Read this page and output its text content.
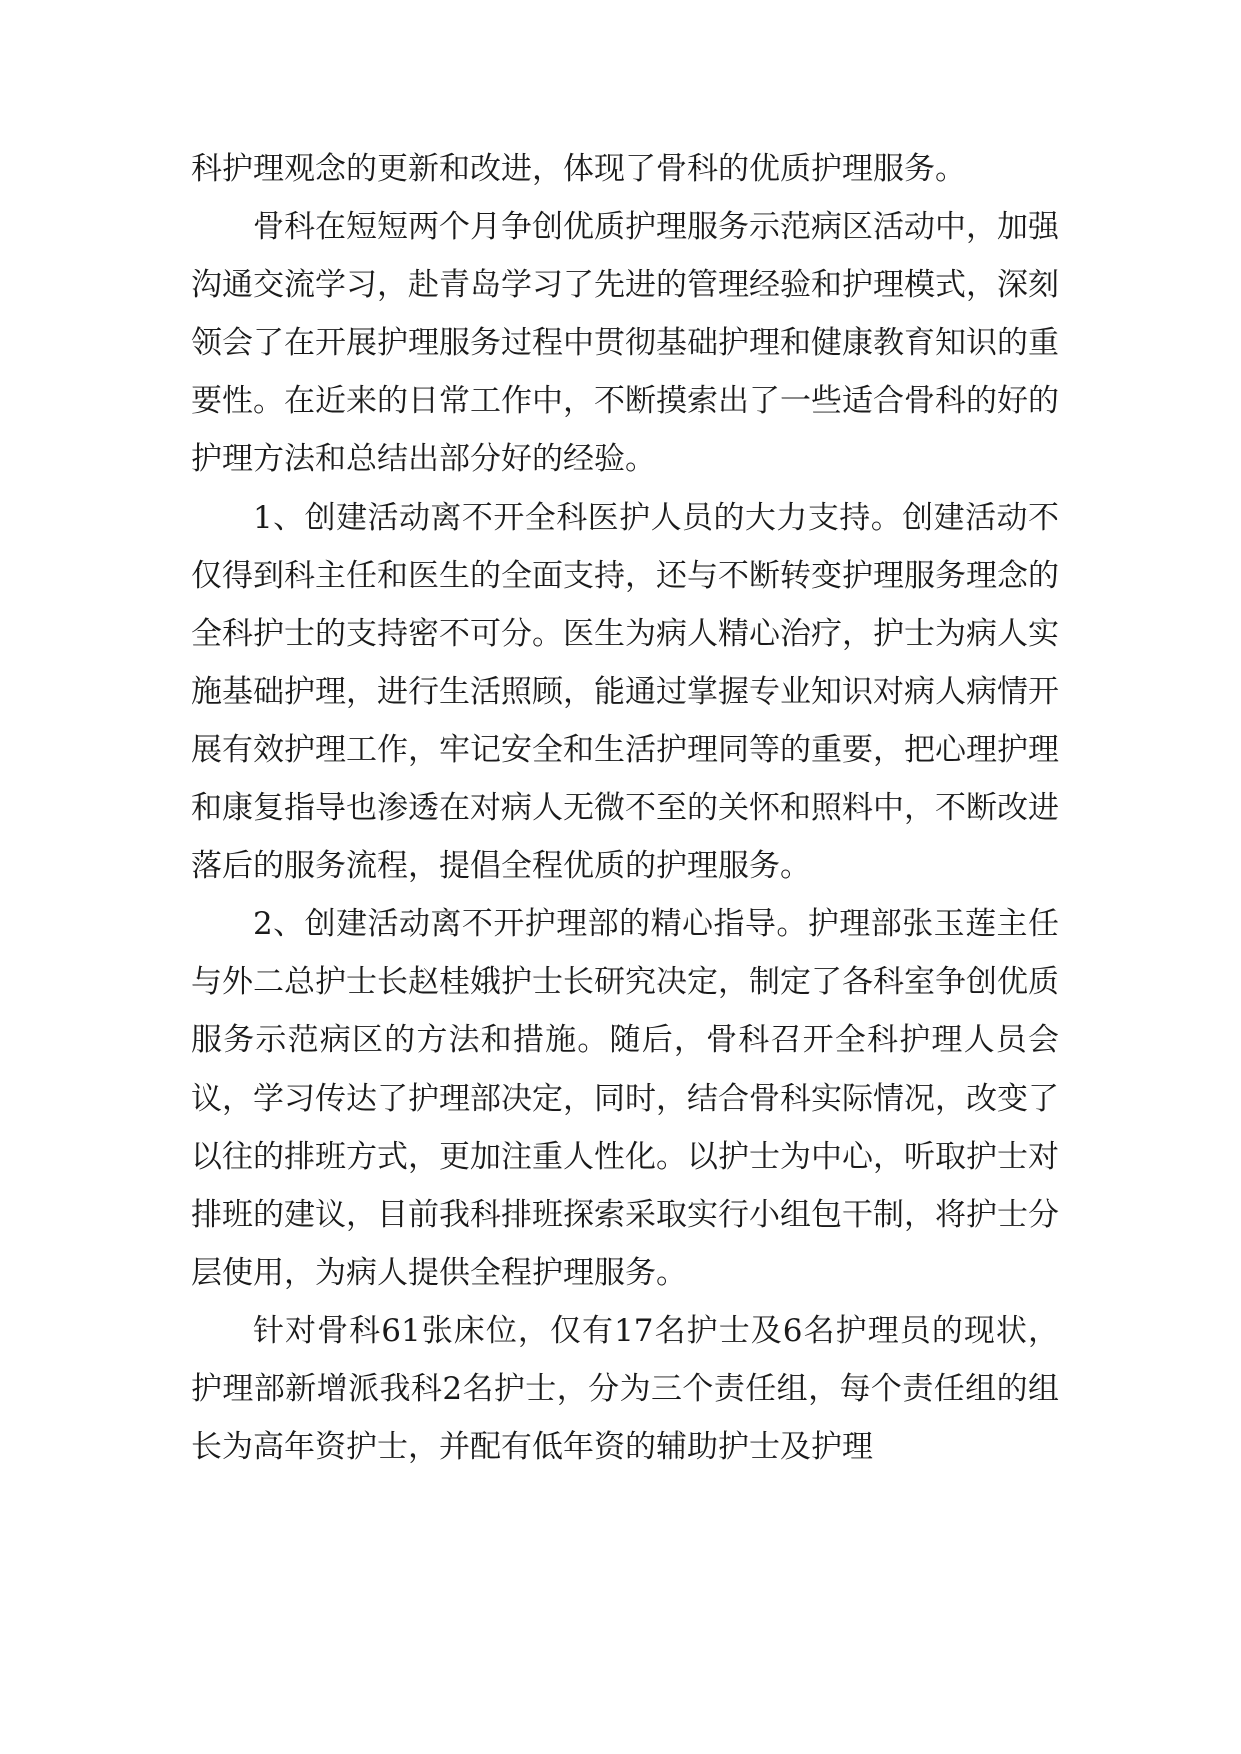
科护理观念的更新和改进，体现了骨科的优质护理服务。

骨科在短短两个月争创优质护理服务示范病区活动中，加强沟通交流学习，赴青岛学习了先进的管理经验和护理模式，深刻领会了在开展护理服务过程中贯彻基础护理和健康教育知识的重要性。在近来的日常工作中，不断摸索出了一些适合骨科的好的护理方法和总结出部分好的经验。

1、创建活动离不开全科医护人员的大力支持。创建活动不仅得到科主任和医生的全面支持，还与不断转变护理服务理念的全科护士的支持密不可分。医生为病人精心治疗，护士为病人实施基础护理，进行生活照顾，能通过掌握专业知识对病人病情开展有效护理工作，牢记安全和生活护理同等的重要，把心理护理和康复指导也渗透在对病人无微不至的关怀和照料中，不断改进落后的服务流程，提倡全程优质的护理服务。

2、创建活动离不开护理部的精心指导。护理部张玉莲主任与外二总护士长赵桂娥护士长研究决定，制定了各科室争创优质服务示范病区的方法和措施。随后，骨科召开全科护理人员会议，学习传达了护理部决定，同时，结合骨科实际情况，改变了以往的排班方式，更加注重人性化。以护士为中心，听取护士对排班的建议，目前我科排班探索采取实行小组包干制，将护士分层使用，为病人提供全程护理服务。

针对骨科61张床位，仅有17名护士及6名护理员的现状，护理部新增派我科2名护士，分为三个责任组，每个责任组的组长为高年资护士，并配有低年资的辅助护士及护理
